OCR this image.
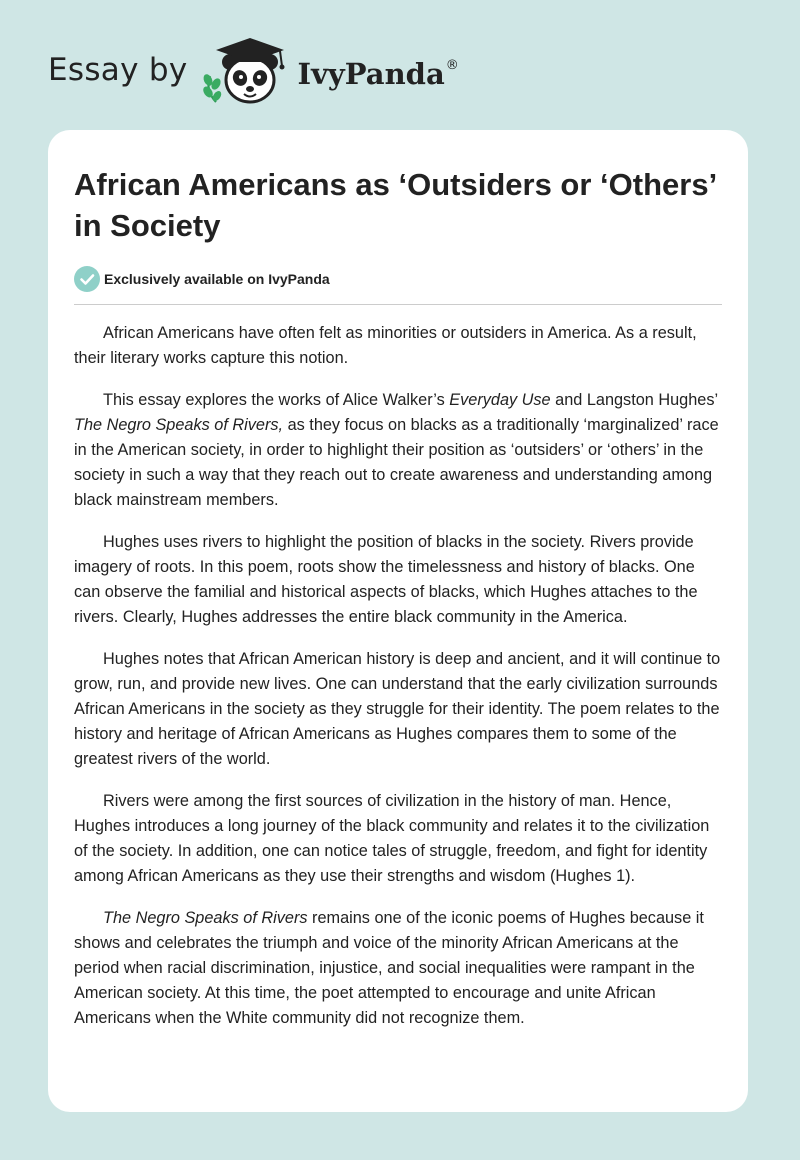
Essay by	IvyPanda ®
African Americans as ‘Outsiders or ‘Others’ in Society
Exclusively available on IvyPanda

African Americans have often felt as minorities or outsiders in America. As a result, their literary works capture this notion.

This essay explores the works of Alice Walker’s Everyday Use and Langston Hughes’ The Negro Speaks of Rivers, as they focus on blacks as a traditionally ‘marginalized’ race in the American society, in order to highlight their position as ‘outsiders’ or ‘others’ in the society in such a way that they reach out to create awareness and understanding among black mainstream members.

Hughes uses rivers to highlight the position of blacks in the society. Rivers provide imagery of roots. In this poem, roots show the timelessness and history of blacks. One can observe the familial and historical aspects of blacks, which Hughes attaches to the rivers. Clearly, Hughes addresses the entire black community in the America.

Hughes notes that African American history is deep and ancient, and it will continue to grow, run, and provide new lives. One can understand that the early civilization surrounds African Americans in the society as they struggle for their identity. The poem relates to the history and heritage of African Americans as Hughes compares them to some of the greatest rivers of the world.

Rivers were among the first sources of civilization in the history of man. Hence, Hughes introduces a long journey of the black community and relates it to the civilization of the society. In addition, one can notice tales of struggle, freedom, and fight for identity among African Americans as they use their strengths and wisdom (Hughes 1).

The Negro Speaks of Rivers remains one of the iconic poems of Hughes because it shows and celebrates the triumph and voice of the minority African Americans at the period when racial discrimination, injustice, and social inequalities were rampant in the American society. At this time, the poet attempted to encourage and unite African Americans when the White community did not recognize them.
